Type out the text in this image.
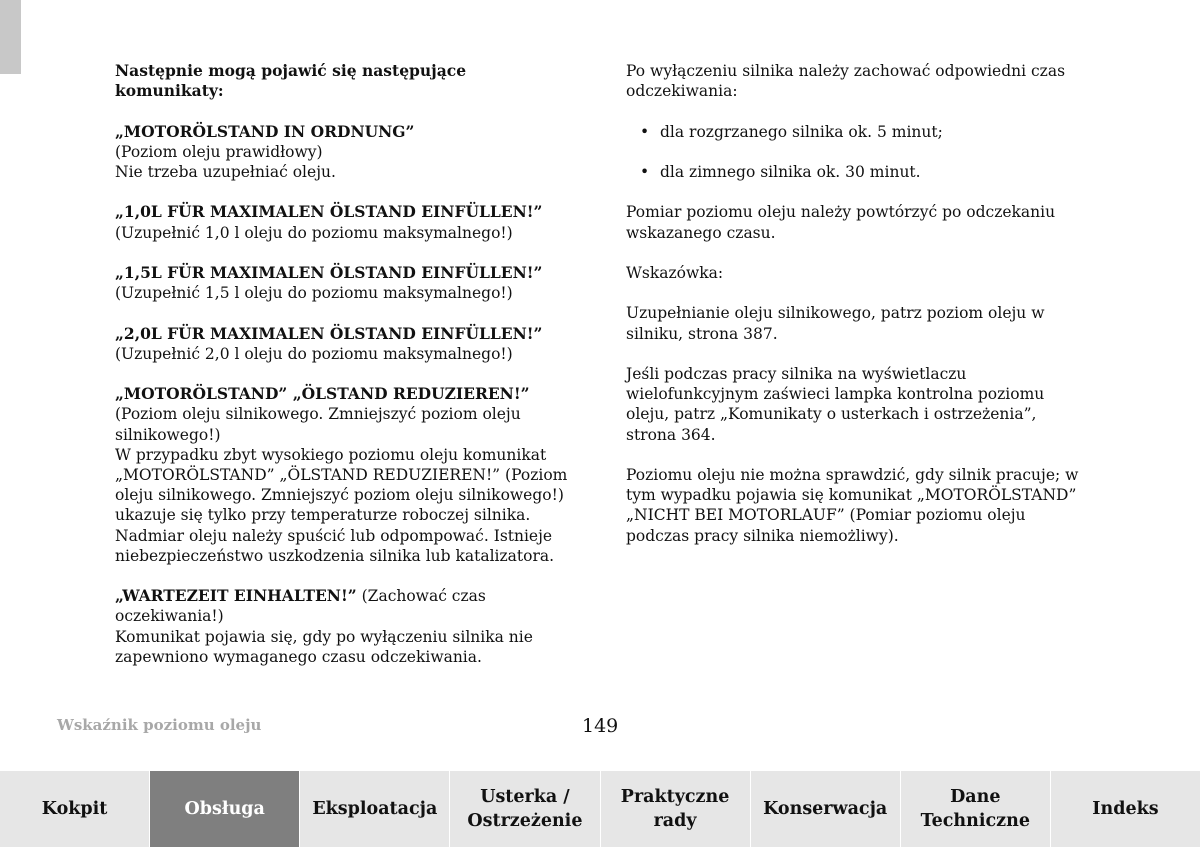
Następnie mogą pojawić się następujące komunikaty:

„MOTORÖLSTAND IN ORDNUNG”
(Poziom oleju prawidłowy)
Nie trzeba uzupełniać oleju.

„1,0L FÜR MAXIMALEN ÖLSTAND EINFÜLLEN!”
(Uzupełnić 1,0 l oleju do poziomu maksymalnego!)

„1,5L FÜR MAXIMALEN ÖLSTAND EINFÜLLEN!”
(Uzupełnić 1,5 l oleju do poziomu maksymalnego!)

„2,0L FÜR MAXIMALEN ÖLSTAND EINFÜLLEN!”
(Uzupełnić 2,0 l oleju do poziomu maksymalnego!)

„MOTORÖLSTAND” „ÖLSTAND REDUZIEREN!”
(Poziom oleju silnikowego. Zmniejszyć poziom oleju silnikowego!)
W przypadku zbyt wysokiego poziomu oleju komunikat „MOTORÖLSTAND” „ÖLSTAND REDUZIEREN!” (Poziom oleju silnikowego. Zmniejszyć poziom oleju silnikowego!) ukazuje się tylko przy temperaturze roboczej silnika.
Nadmiar oleju należy spuścić lub odpompować. Istnieje niebezpieczeństwo uszkodzenia silnika lub katalizatora.

„WARTEZEIT EINHALTEN!” (Zachować czas oczekiwania!)
Komunikat pojawia się, gdy po wyłączeniu silnika nie zapewniono wymaganego czasu odczekiwania.

Po wyłączeniu silnika należy zachować odpowiedni czas odczekiwania:

• dla rozgrzanego silnika ok. 5 minut;
• dla zimnego silnika ok. 30 minut.

Pomiar poziomu oleju należy powtórzyć po odczekaniu wskazanego czasu.

Wskazówka:

Uzupełnianie oleju silnikowego, patrz poziom oleju w silniku, strona 387.

Jeśli podczas pracy silnika na wyświetlaczu wielofunkcyjnym zaświeci lampka kontrolna poziomu oleju, patrz „Komunikaty o usterkach i ostrzeżenia”, strona 364.

Poziomu oleju nie można sprawdzić, gdy silnik pracuje; w tym wypadku pojawia się komunikat „MOTORÖLSTAND” „NICHT BEI MOTORLAUF” (Pomiar poziomu oleju podczas pracy silnika niemożliwy).

Wskaźnik poziomu oleju	149
Kokpit	Obsługa	Eksploatacja
Usterka /
Ostrzeżenie
Praktyczne
rady
Konserwacja
Dane
Techniczne
Indeks
